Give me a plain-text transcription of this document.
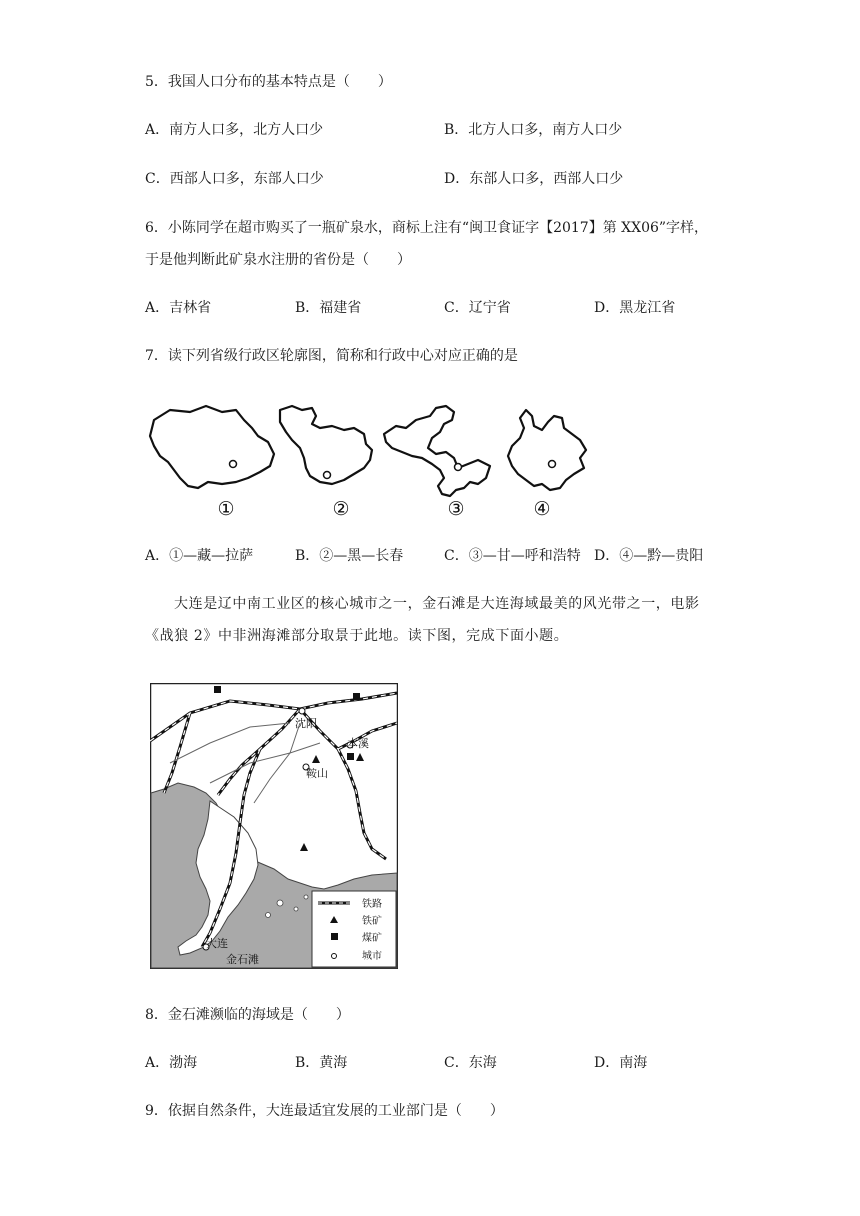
5．我国人口分布的基本特点是（　　）
A．南方人口多，北方人口少	B．北方人口多，南方人口少
C．西部人口多，东部人口少	D．东部人口多，西部人口少
6．小陈同学在超市购买了一瓶矿泉水，商标上注有“闽卫食证字【2017】第 XX06”字样，
于是他判断此矿泉水注册的省份是（　　）
A．吉林省	B．福建省	C．辽宁省	D．黑龙江省
7．读下列省级行政区轮廓图，简称和行政中心对应正确的是
①	②	③	④
A．①—藏—拉萨	B．②—黑—长春	C．③—甘—呼和浩特 D．④—黔—贵阳
大连是辽中南工业区的核心城市之一，金石滩是大连海域最美的风光带之一，电影
《战狼 2》中非洲海滩部分取景于此地。读下图，完成下面小题。
沈阳
本溪
鞍山
大连
金石滩
铁路
铁矿
煤矿
城市
8．金石滩濒临的海域是（　　）
A．渤海	B．黄海	C．东海	D．南海
9．依据自然条件，大连最适宜发展的工业部门是（　　）
